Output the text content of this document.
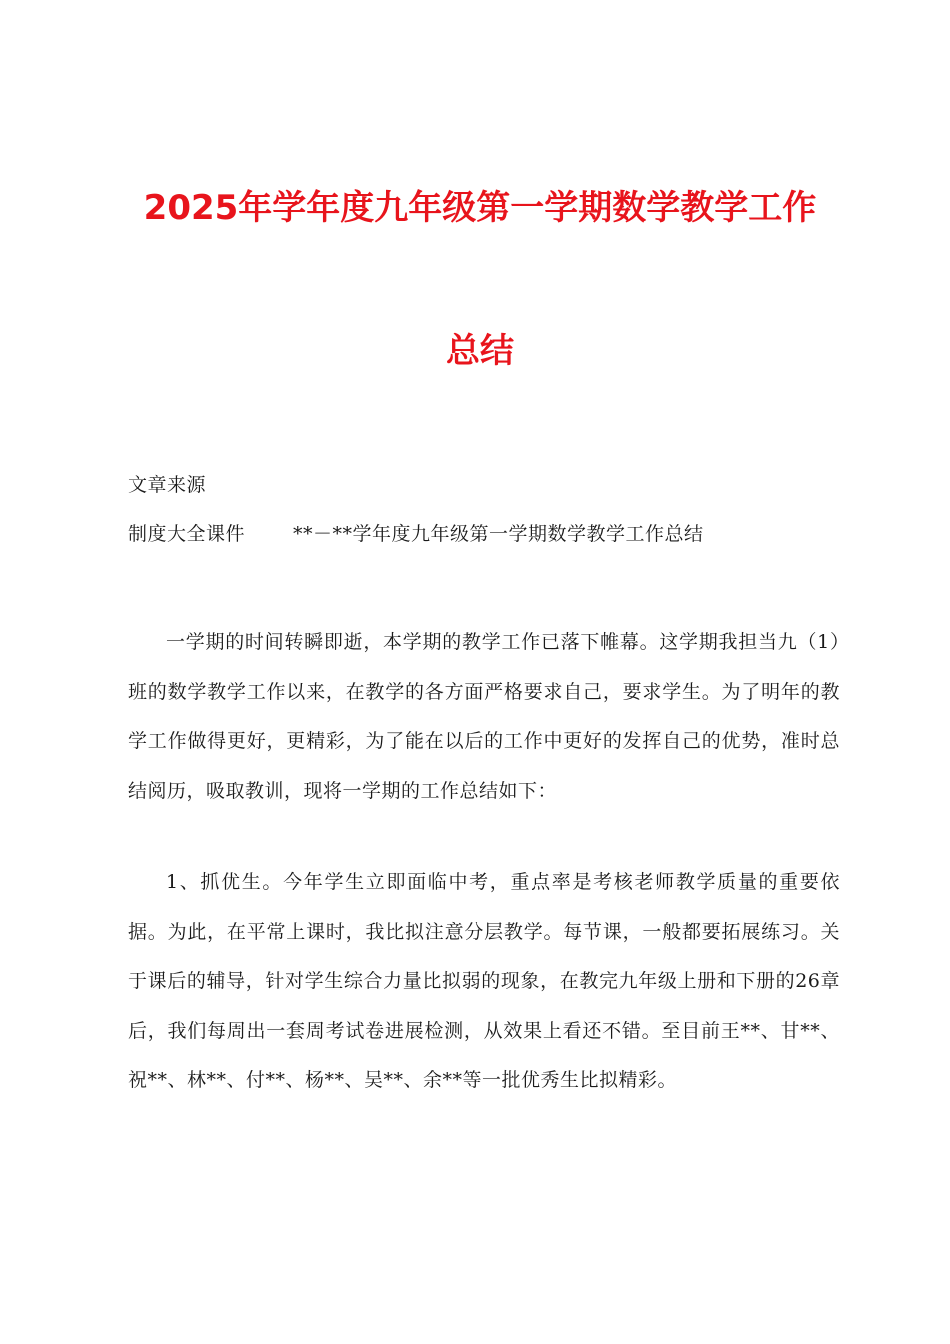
2025年学年度九年级第一学期数学教学工作
总结
文章来源
制度大全课件	**－**学年度九年级第一学期数学教学工作总结

一学期的时间转瞬即逝，本学期的教学工作已落下帷幕。这学期我担当九（1）班的数学教学工作以来，在教学的各方面严格要求自己，要求学生。为了明年的教学工作做得更好，更精彩，为了能在以后的工作中更好的发挥自己的优势，准时总结阅历，吸取教训，现将一学期的工作总结如下：

1、抓优生。今年学生立即面临中考，重点率是考核老师教学质量的重要依据。为此，在平常上课时，我比拟注意分层教学。每节课，一般都要拓展练习。关于课后的辅导，针对学生综合力量比拟弱的现象，在教完九年级上册和下册的26章后，我们每周出一套周考试卷进展检测，从效果上看还不错。至目前王**、甘**、祝**、林**、付**、杨**、吴**、余**等一批优秀生比拟精彩。
